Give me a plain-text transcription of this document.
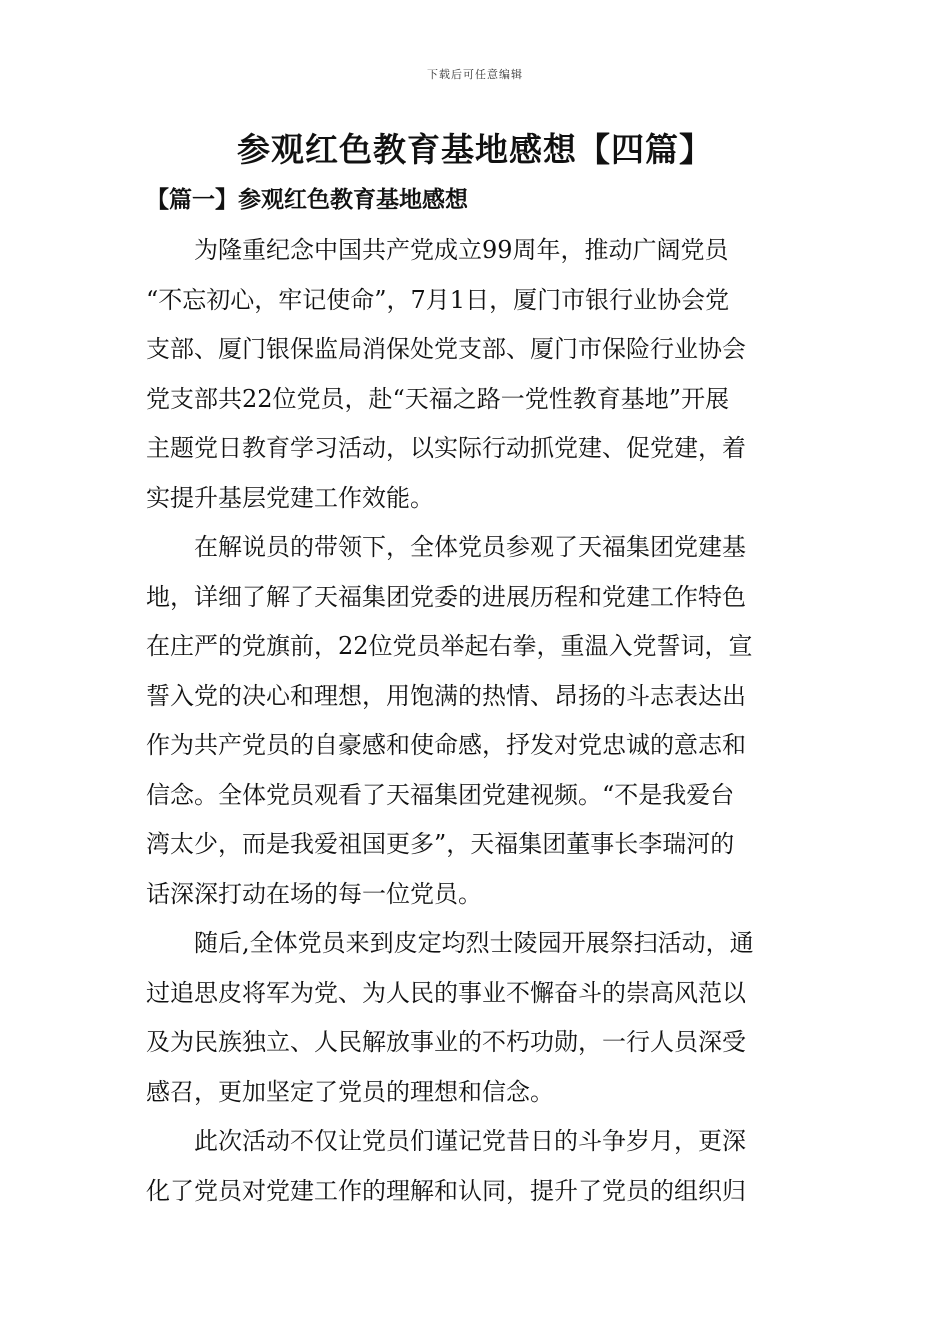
下载后可任意编辑
参观红色教育基地感想【四篇】
【篇一】参观红色教育基地感想

为隆重纪念中国共产党成立99周年，推动广阔党员
“不忘初心，牢记使命”，7月1日，厦门市银行业协会党
支部、厦门银保监局消保处党支部、厦门市保险行业协会
党支部共22位党员，赴“天福之路一党性教育基地”开展
主题党日教育学习活动，以实际行动抓党建、促党建，着
实提升基层党建工作效能。

在解说员的带领下，全体党员参观了天福集团党建基
地，详细了解了天福集团党委的进展历程和党建工作特色
在庄严的党旗前，22位党员举起右拳，重温入党誓词，宣
誓入党的决心和理想，用饱满的热情、昂扬的斗志表达出
作为共产党员的自豪感和使命感，抒发对党忠诚的意志和
信念。全体党员观看了天福集团党建视频。“不是我爱台
湾太少，而是我爱祖国更多”，天福集团董事长李瑞河的
话深深打动在场的每一位党员。

随后,全体党员来到皮定均烈士陵园开展祭扫活动，通
过追思皮将军为党、为人民的事业不懈奋斗的崇高风范以
及为民族独立、人民解放事业的不朽功勋，一行人员深受
感召，更加坚定了党员的理想和信念。

此次活动不仅让党员们谨记党昔日的斗争岁月，更深
化了党员对党建工作的理解和认同，提升了党员的组织归
